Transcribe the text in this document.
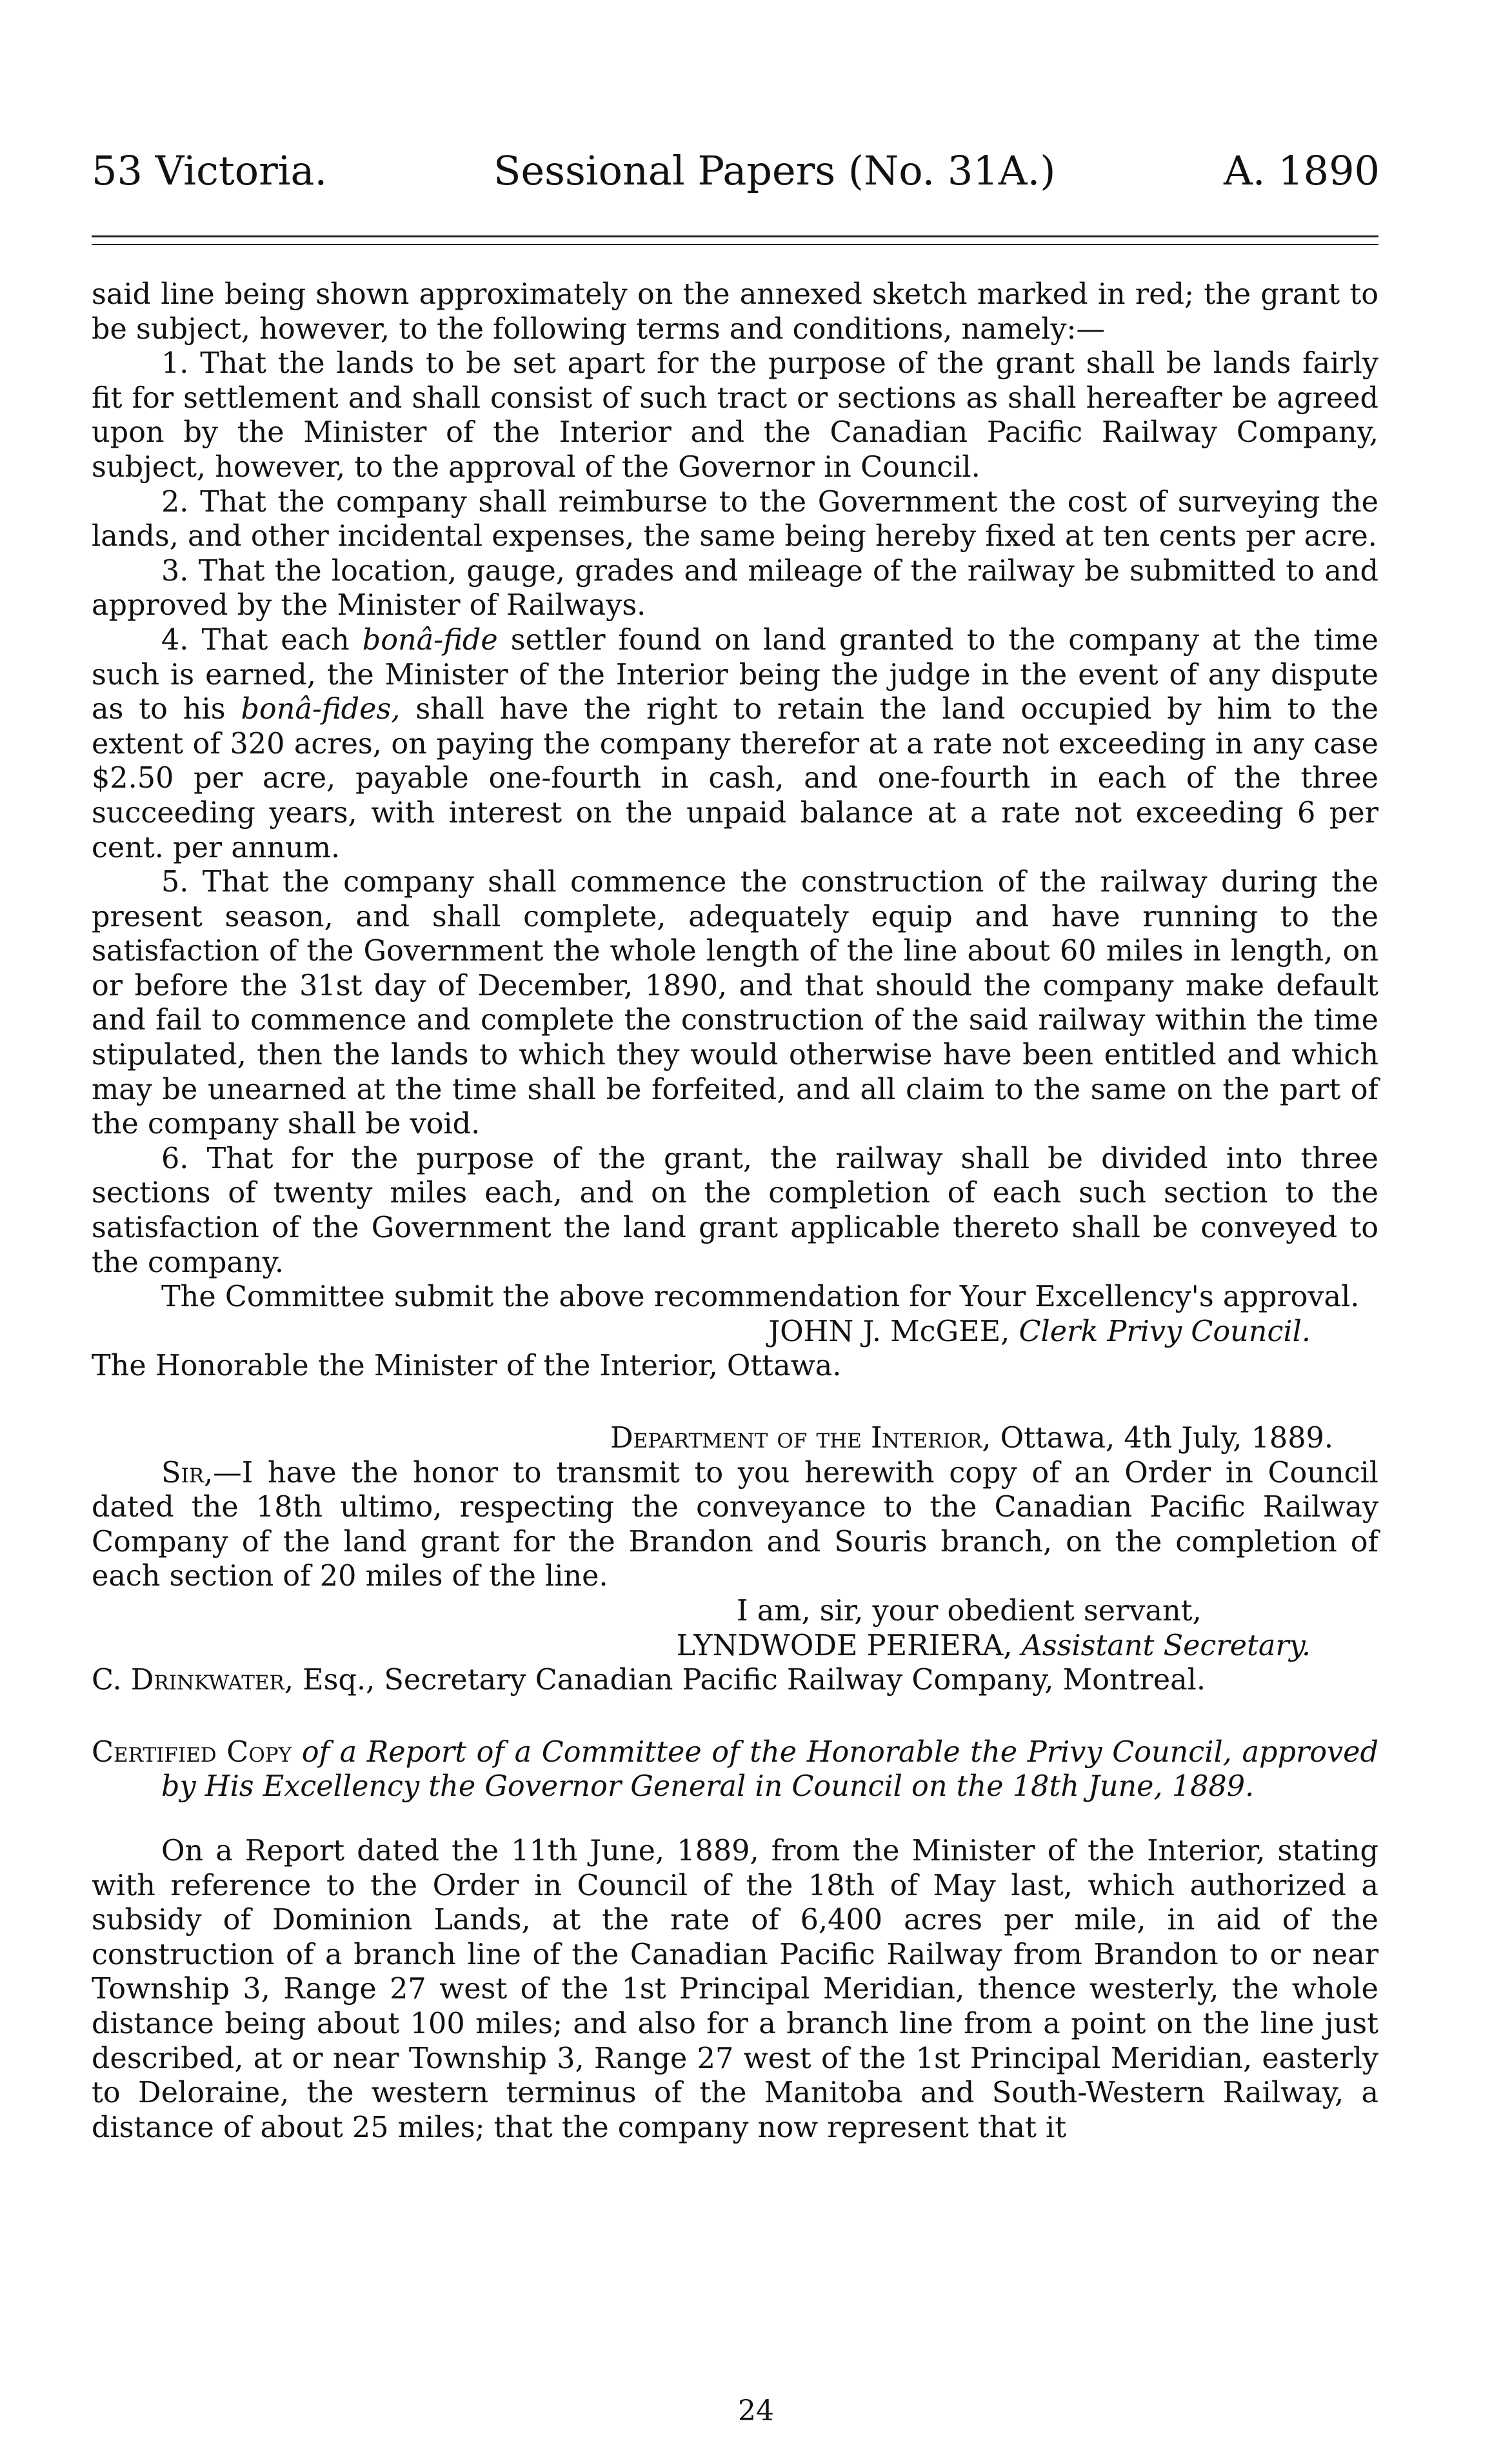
53 Victoria.	Sessional Papers (No. 31A.)	A. 1890

said line being shown approximately on the annexed sketch marked in red; the grant to be subject, however, to the following terms and conditions, namely:—

1. That the lands to be set apart for the purpose of the grant shall be lands fairly fit for settlement and shall consist of such tract or sections as shall hereafter be agreed upon by the Minister of the Interior and the Canadian Pacific Railway Company, subject, however, to the approval of the Governor in Council.

2. That the company shall reimburse to the Government the cost of surveying the lands, and other incidental expenses, the same being hereby fixed at ten cents per acre.

3. That the location, gauge, grades and mileage of the railway be submitted to and approved by the Minister of Railways.

4. That each bonâ-fide settler found on land granted to the company at the time such is earned, the Minister of the Interior being the judge in the event of any dispute as to his bonâ-fides, shall have the right to retain the land occupied by him to the extent of 320 acres, on paying the company therefor at a rate not exceeding in any case $2.50 per acre, payable one-fourth in cash, and one-fourth in each of the three succeeding years, with interest on the unpaid balance at a rate not exceeding 6 per cent. per annum.

5. That the company shall commence the construction of the railway during the present season, and shall complete, adequately equip and have running to the satisfaction of the Government the whole length of the line about 60 miles in length, on or before the 31st day of December, 1890, and that should the company make default and fail to commence and complete the construction of the said railway within the time stipulated, then the lands to which they would otherwise have been entitled and which may be unearned at the time shall be forfeited, and all claim to the same on the part of the company shall be void.

6. That for the purpose of the grant, the railway shall be divided into three sections of twenty miles each, and on the completion of each such section to the satisfaction of the Government the land grant applicable thereto shall be conveyed to the company.

The Committee submit the above recommendation for Your Excellency's approval.

JOHN J. McGEE, Clerk Privy Council.

The Honorable the Minister of the Interior, Ottawa.

Department of the Interior, Ottawa, 4th July, 1889.

Sir,—I have the honor to transmit to you herewith copy of an Order in Council dated the 18th ultimo, respecting the conveyance to the Canadian Pacific Railway Company of the land grant for the Brandon and Souris branch, on the completion of each section of 20 miles of the line.

I am, sir, your obedient servant,

LYNDWODE PERIERA, Assistant Secretary.

C. Drinkwater, Esq., Secretary Canadian Pacific Railway Company, Montreal.

Certified Copy of a Report of a Committee of the Honorable the Privy Council, approved by His Excellency the Governor General in Council on the 18th June, 1889.

On a Report dated the 11th June, 1889, from the Minister of the Interior, stating with reference to the Order in Council of the 18th of May last, which authorized a subsidy of Dominion Lands, at the rate of 6,400 acres per mile, in aid of the construction of a branch line of the Canadian Pacific Railway from Brandon to or near Township 3, Range 27 west of the 1st Principal Meridian, thence westerly, the whole distance being about 100 miles; and also for a branch line from a point on the line just described, at or near Township 3, Range 27 west of the 1st Principal Meridian, easterly to Deloraine, the western terminus of the Manitoba and South-Western Railway, a distance of about 25 miles; that the company now represent that it

24
